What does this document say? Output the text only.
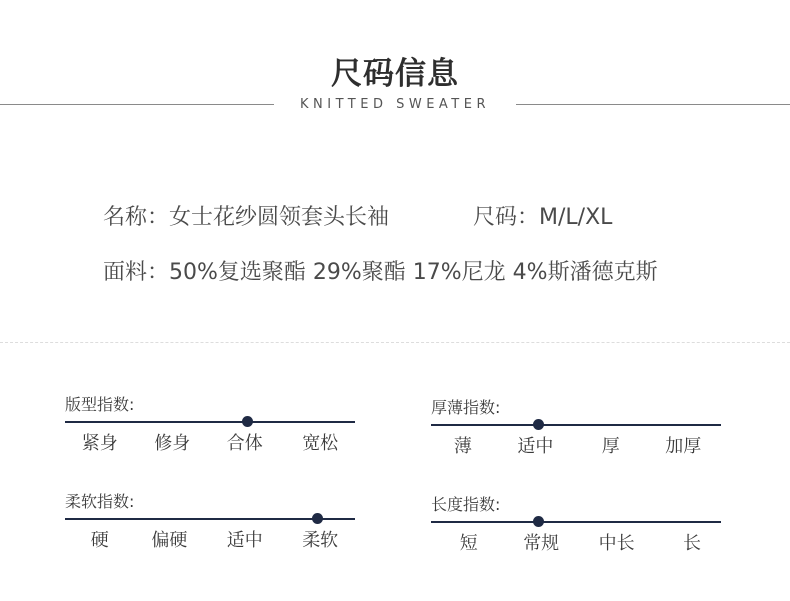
尺码信息
KNITTED SWEATER
名称：女士花纱圆领套头长袖	尺码：M/L/XL
面料：50%复选聚酯 29%聚酯 17%尼龙 4%斯潘德克斯
版型指数:
紧身	修身	合体	宽松
厚薄指数:
薄	适中	厚	加厚
柔软指数:
硬	偏硬	适中	柔软
长度指数:
短	常规	中长	长
